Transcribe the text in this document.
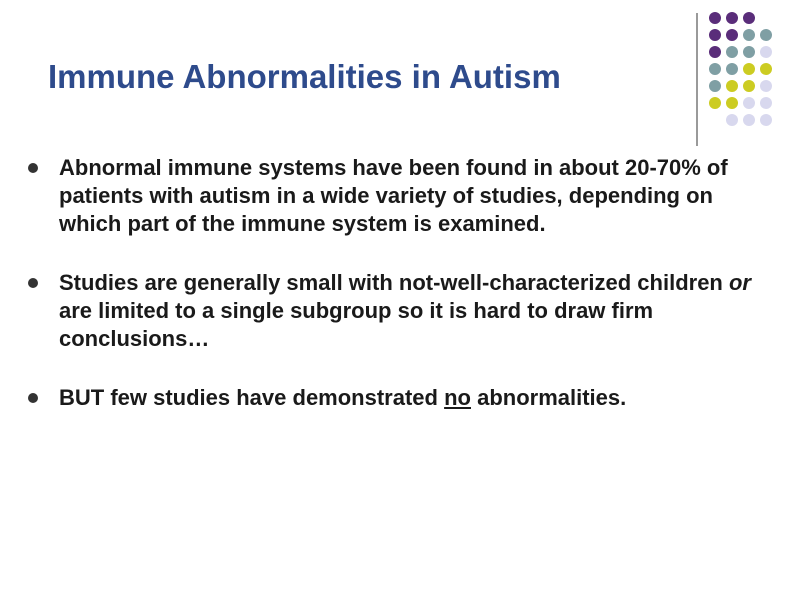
Immune Abnormalities in Autism
Abnormal immune systems have been found in about 20-70% of patients with autism in a wide variety of studies, depending on which part of the immune system is examined.
Studies are generally small with not-well-characterized children or are limited to a single subgroup so it is hard to draw firm conclusions…
BUT few studies have demonstrated no abnormalities.
